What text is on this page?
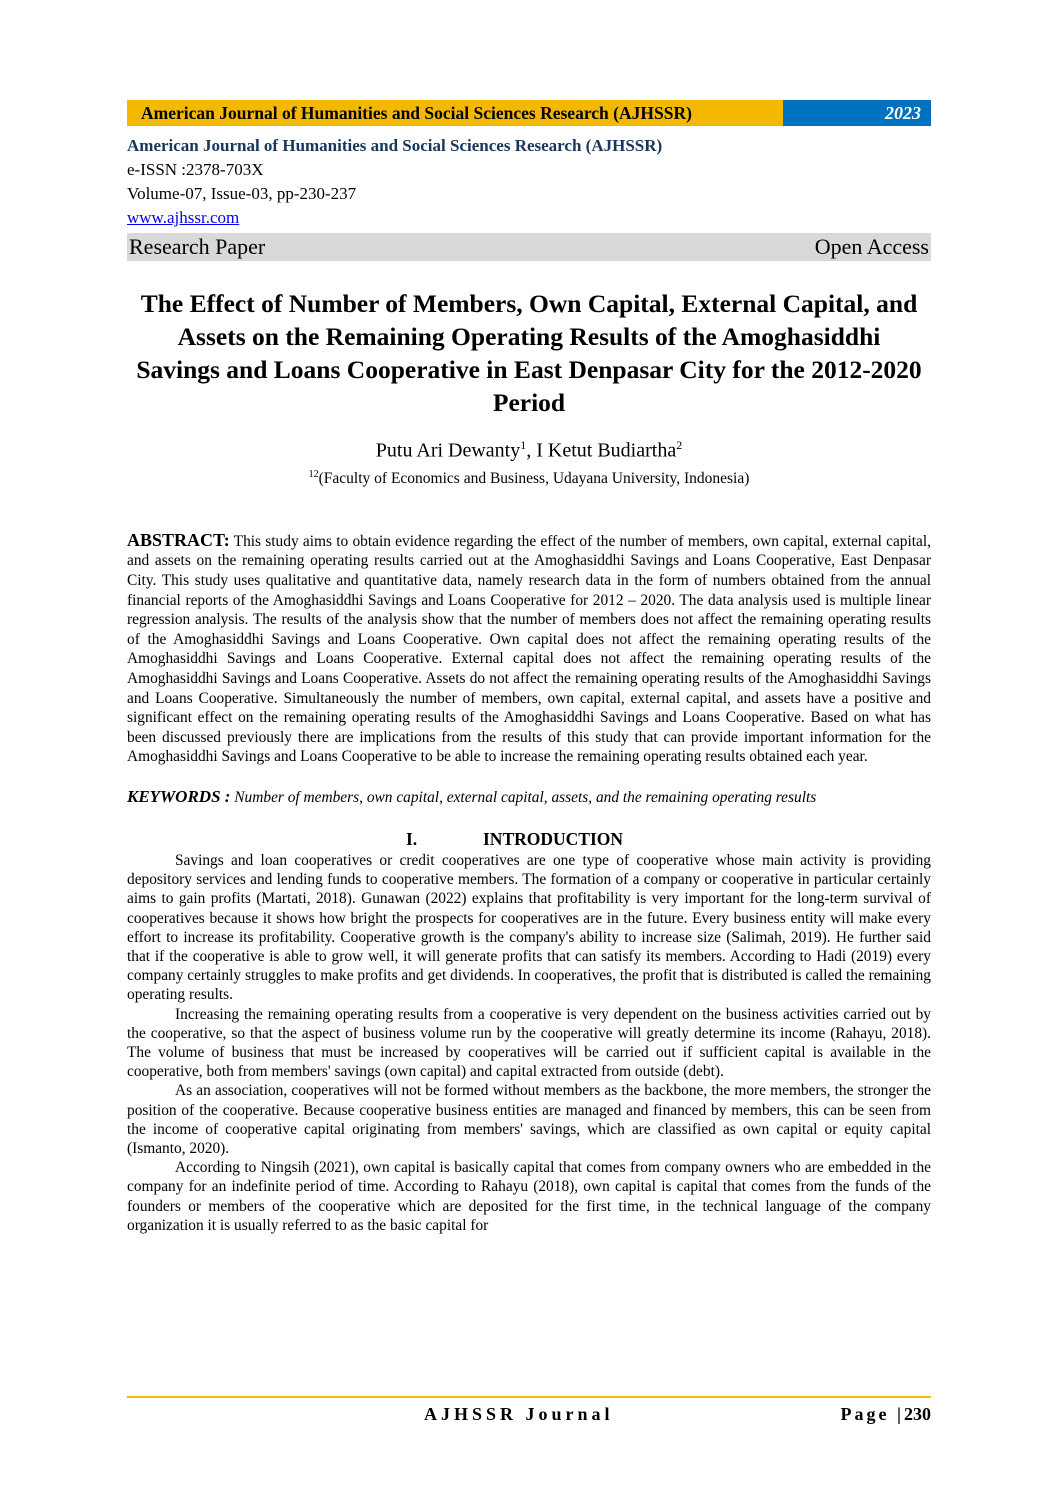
American Journal of Humanities and Social Sciences Research (AJHSSR)	2023
American Journal of Humanities and Social Sciences Research (AJHSSR)
e-ISSN :2378-703X
Volume-07, Issue-03, pp-230-237
www.ajhssr.com
Research Paper	Open Access
The Effect of Number of Members, Own Capital, External Capital, and Assets on the Remaining Operating Results of the Amoghasiddhi Savings and Loans Cooperative in East Denpasar City for the 2012-2020 Period
Putu Ari Dewanty$^1$, I Ketut Budiartha$^2$
$^{12}$(Faculty of Economics and Business, Udayana University, Indonesia)
ABSTRACT: This study aims to obtain evidence regarding the effect of the number of members, own capital, external capital, and assets on the remaining operating results carried out at the Amoghasiddhi Savings and Loans Cooperative, East Denpasar City. This study uses qualitative and quantitative data, namely research data in the form of numbers obtained from the annual financial reports of the Amoghasiddhi Savings and Loans Cooperative for 2012 – 2020. The data analysis used is multiple linear regression analysis. The results of the analysis show that the number of members does not affect the remaining operating results of the Amoghasiddhi Savings and Loans Cooperative. Own capital does not affect the remaining operating results of the Amoghasiddhi Savings and Loans Cooperative. External capital does not affect the remaining operating results of the Amoghasiddhi Savings and Loans Cooperative. Assets do not affect the remaining operating results of the Amoghasiddhi Savings and Loans Cooperative. Simultaneously the number of members, own capital, external capital, and assets have a positive and significant effect on the remaining operating results of the Amoghasiddhi Savings and Loans Cooperative. Based on what has been discussed previously there are implications from the results of this study that can provide important information for the Amoghasiddhi Savings and Loans Cooperative to be able to increase the remaining operating results obtained each year.
KEYWORDS : Number of members, own capital, external capital, assets, and the remaining operating results
I.	INTRODUCTION

Savings and loan cooperatives or credit cooperatives are one type of cooperative whose main activity is providing depository services and lending funds to cooperative members. The formation of a company or cooperative in particular certainly aims to gain profits (Martati, 2018). Gunawan (2022) explains that profitability is very important for the long-term survival of cooperatives because it shows how bright the prospects for cooperatives are in the future. Every business entity will make every effort to increase its profitability. Cooperative growth is the company's ability to increase size (Salimah, 2019). He further said that if the cooperative is able to grow well, it will generate profits that can satisfy its members. According to Hadi (2019) every company certainly struggles to make profits and get dividends. In cooperatives, the profit that is distributed is called the remaining operating results.

Increasing the remaining operating results from a cooperative is very dependent on the business activities carried out by the cooperative, so that the aspect of business volume run by the cooperative will greatly determine its income (Rahayu, 2018). The volume of business that must be increased by cooperatives will be carried out if sufficient capital is available in the cooperative, both from members' savings (own capital) and capital extracted from outside (debt).

As an association, cooperatives will not be formed without members as the backbone, the more members, the stronger the position of the cooperative. Because cooperative business entities are managed and financed by members, this can be seen from the income of cooperative capital originating from members' savings, which are classified as own capital or equity capital (Ismanto, 2020).

According to Ningsih (2021), own capital is basically capital that comes from company owners who are embedded in the company for an indefinite period of time. According to Rahayu (2018), own capital is capital that comes from the funds of the founders or members of the cooperative which are deposited for the first time, in the technical language of the company organization it is usually referred to as the basic capital for

AJHSSR Journal	Page |230
